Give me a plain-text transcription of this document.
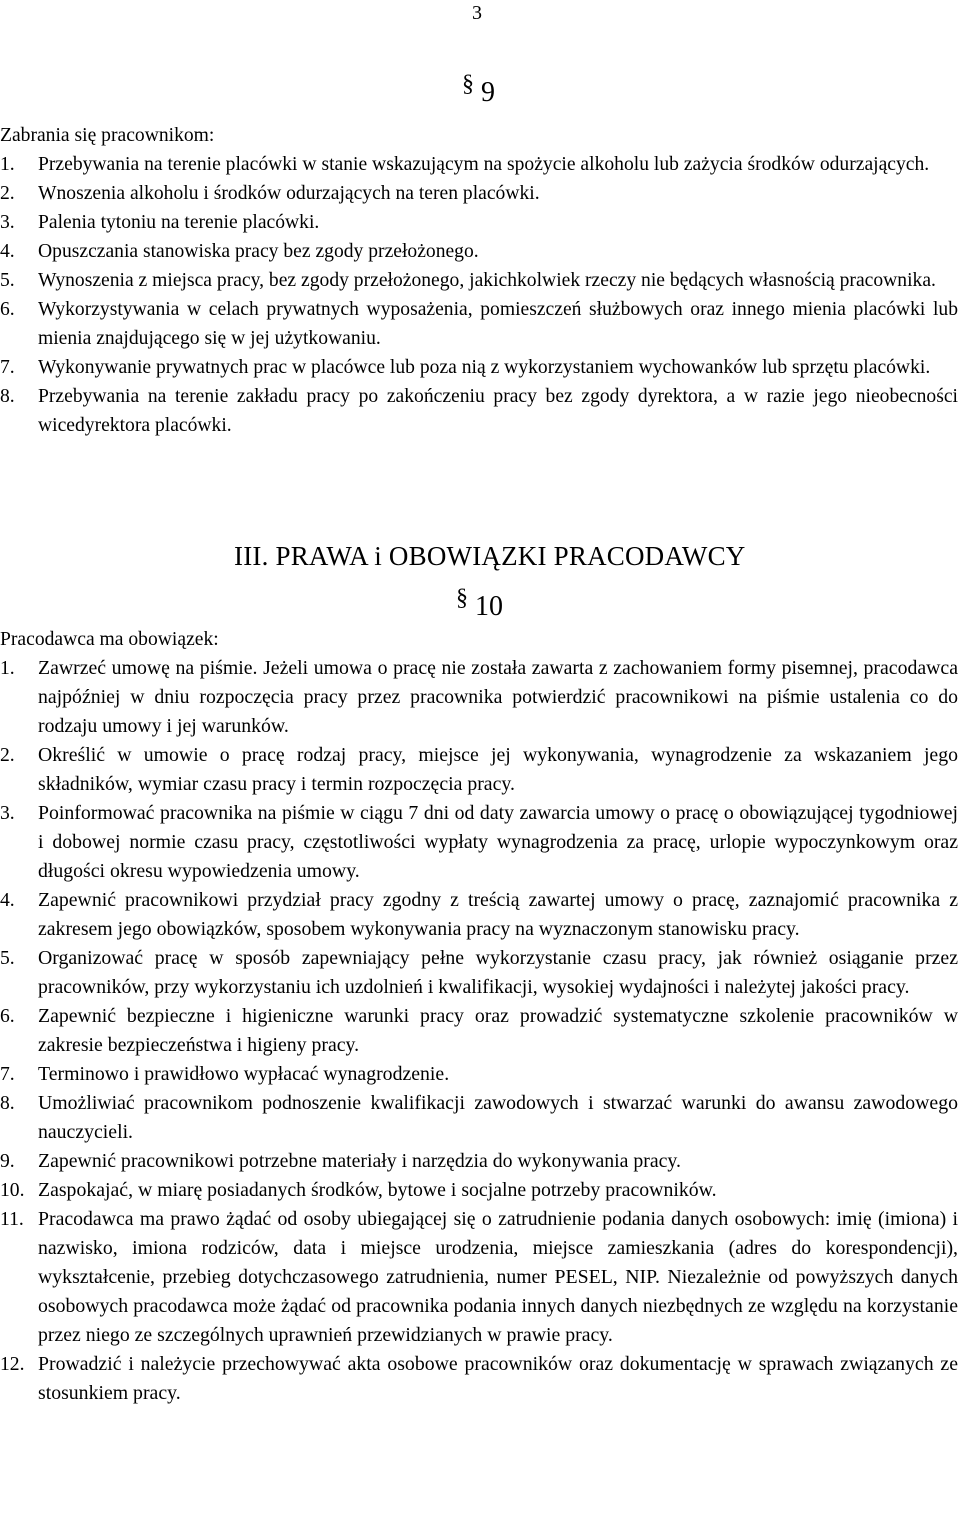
3
§ 9
Zabrania się pracownikom:
1.	Przebywania na terenie placówki w stanie wskazującym na spożycie alkoholu lub zażycia środków odurzających.
2.	Wnoszenia alkoholu i środków odurzających na teren placówki.
3.	Palenia tytoniu na terenie placówki.
4.	Opuszczania stanowiska pracy bez zgody przełożonego.
5.	Wynoszenia z miejsca pracy, bez zgody przełożonego, jakichkolwiek rzeczy nie będących własnością pracownika.
6.	Wykorzystywania w celach prywatnych wyposażenia, pomieszczeń służbowych oraz innego mienia placówki lub mienia znajdującego się w jej użytkowaniu.
7.	Wykonywanie prywatnych prac w placówce lub poza nią z wykorzystaniem wychowanków lub sprzętu placówki.
8.	Przebywania na terenie zakładu pracy po zakończeniu pracy bez zgody dyrektora, a w razie jego nieobecności wicedyrektora placówki.
III. PRAWA i OBOWIĄZKI PRACODAWCY
§ 10
Pracodawca ma obowiązek:
1.	Zawrzeć umowę na piśmie. Jeżeli umowa o pracę nie została zawarta z zachowaniem formy pisemnej, pracodawca najpóźniej w dniu rozpoczęcia pracy przez pracownika potwierdzić pracownikowi na piśmie ustalenia co do rodzaju umowy i jej warunków.
2.	Określić w umowie o pracę rodzaj pracy, miejsce jej wykonywania, wynagrodzenie za wskazaniem jego składników, wymiar czasu pracy i termin rozpoczęcia pracy.
3.	Poinformować pracownika na piśmie w ciągu 7 dni od daty zawarcia umowy o pracę o obowiązującej tygodniowej i dobowej normie czasu pracy, częstotliwości wypłaty wynagrodzenia za pracę, urlopie wypoczynkowym oraz długości okresu wypowiedzenia umowy.
4.	Zapewnić pracownikowi przydział pracy zgodny z treścią zawartej umowy o pracę, zaznajomić pracownika z zakresem jego obowiązków, sposobem wykonywania pracy na wyznaczonym stanowisku pracy.
5.	Organizować pracę w sposób zapewniający pełne wykorzystanie czasu pracy, jak również osiąganie przez pracowników, przy wykorzystaniu ich uzdolnień i kwalifikacji, wysokiej wydajności i należytej jakości pracy.
6.	Zapewnić bezpieczne i higieniczne warunki pracy oraz prowadzić systematyczne szkolenie pracowników w zakresie bezpieczeństwa i higieny pracy.
7.	Terminowo i prawidłowo wypłacać wynagrodzenie.
8.	Umożliwiać pracownikom podnoszenie kwalifikacji zawodowych i stwarzać warunki do awansu zawodowego nauczycieli.
9.	Zapewnić pracownikowi potrzebne materiały i narzędzia do wykonywania pracy.
10. Zaspokajać, w miarę posiadanych środków, bytowe i socjalne potrzeby pracowników.
11. Pracodawca ma prawo żądać od osoby ubiegającej się o zatrudnienie podania danych osobowych: imię (imiona) i nazwisko, imiona rodziców, data i miejsce urodzenia, miejsce zamieszkania (adres do korespondencji), wykształcenie, przebieg dotychczasowego zatrudnienia, numer PESEL, NIP. Niezależnie od powyższych danych osobowych pracodawca może żądać od pracownika podania innych danych niezbędnych ze względu na korzystanie przez niego ze szczególnych uprawnień przewidzianych w prawie pracy.
12. Prowadzić i należycie przechowywać akta osobowe pracowników oraz dokumentację w sprawach związanych ze stosunkiem pracy.
